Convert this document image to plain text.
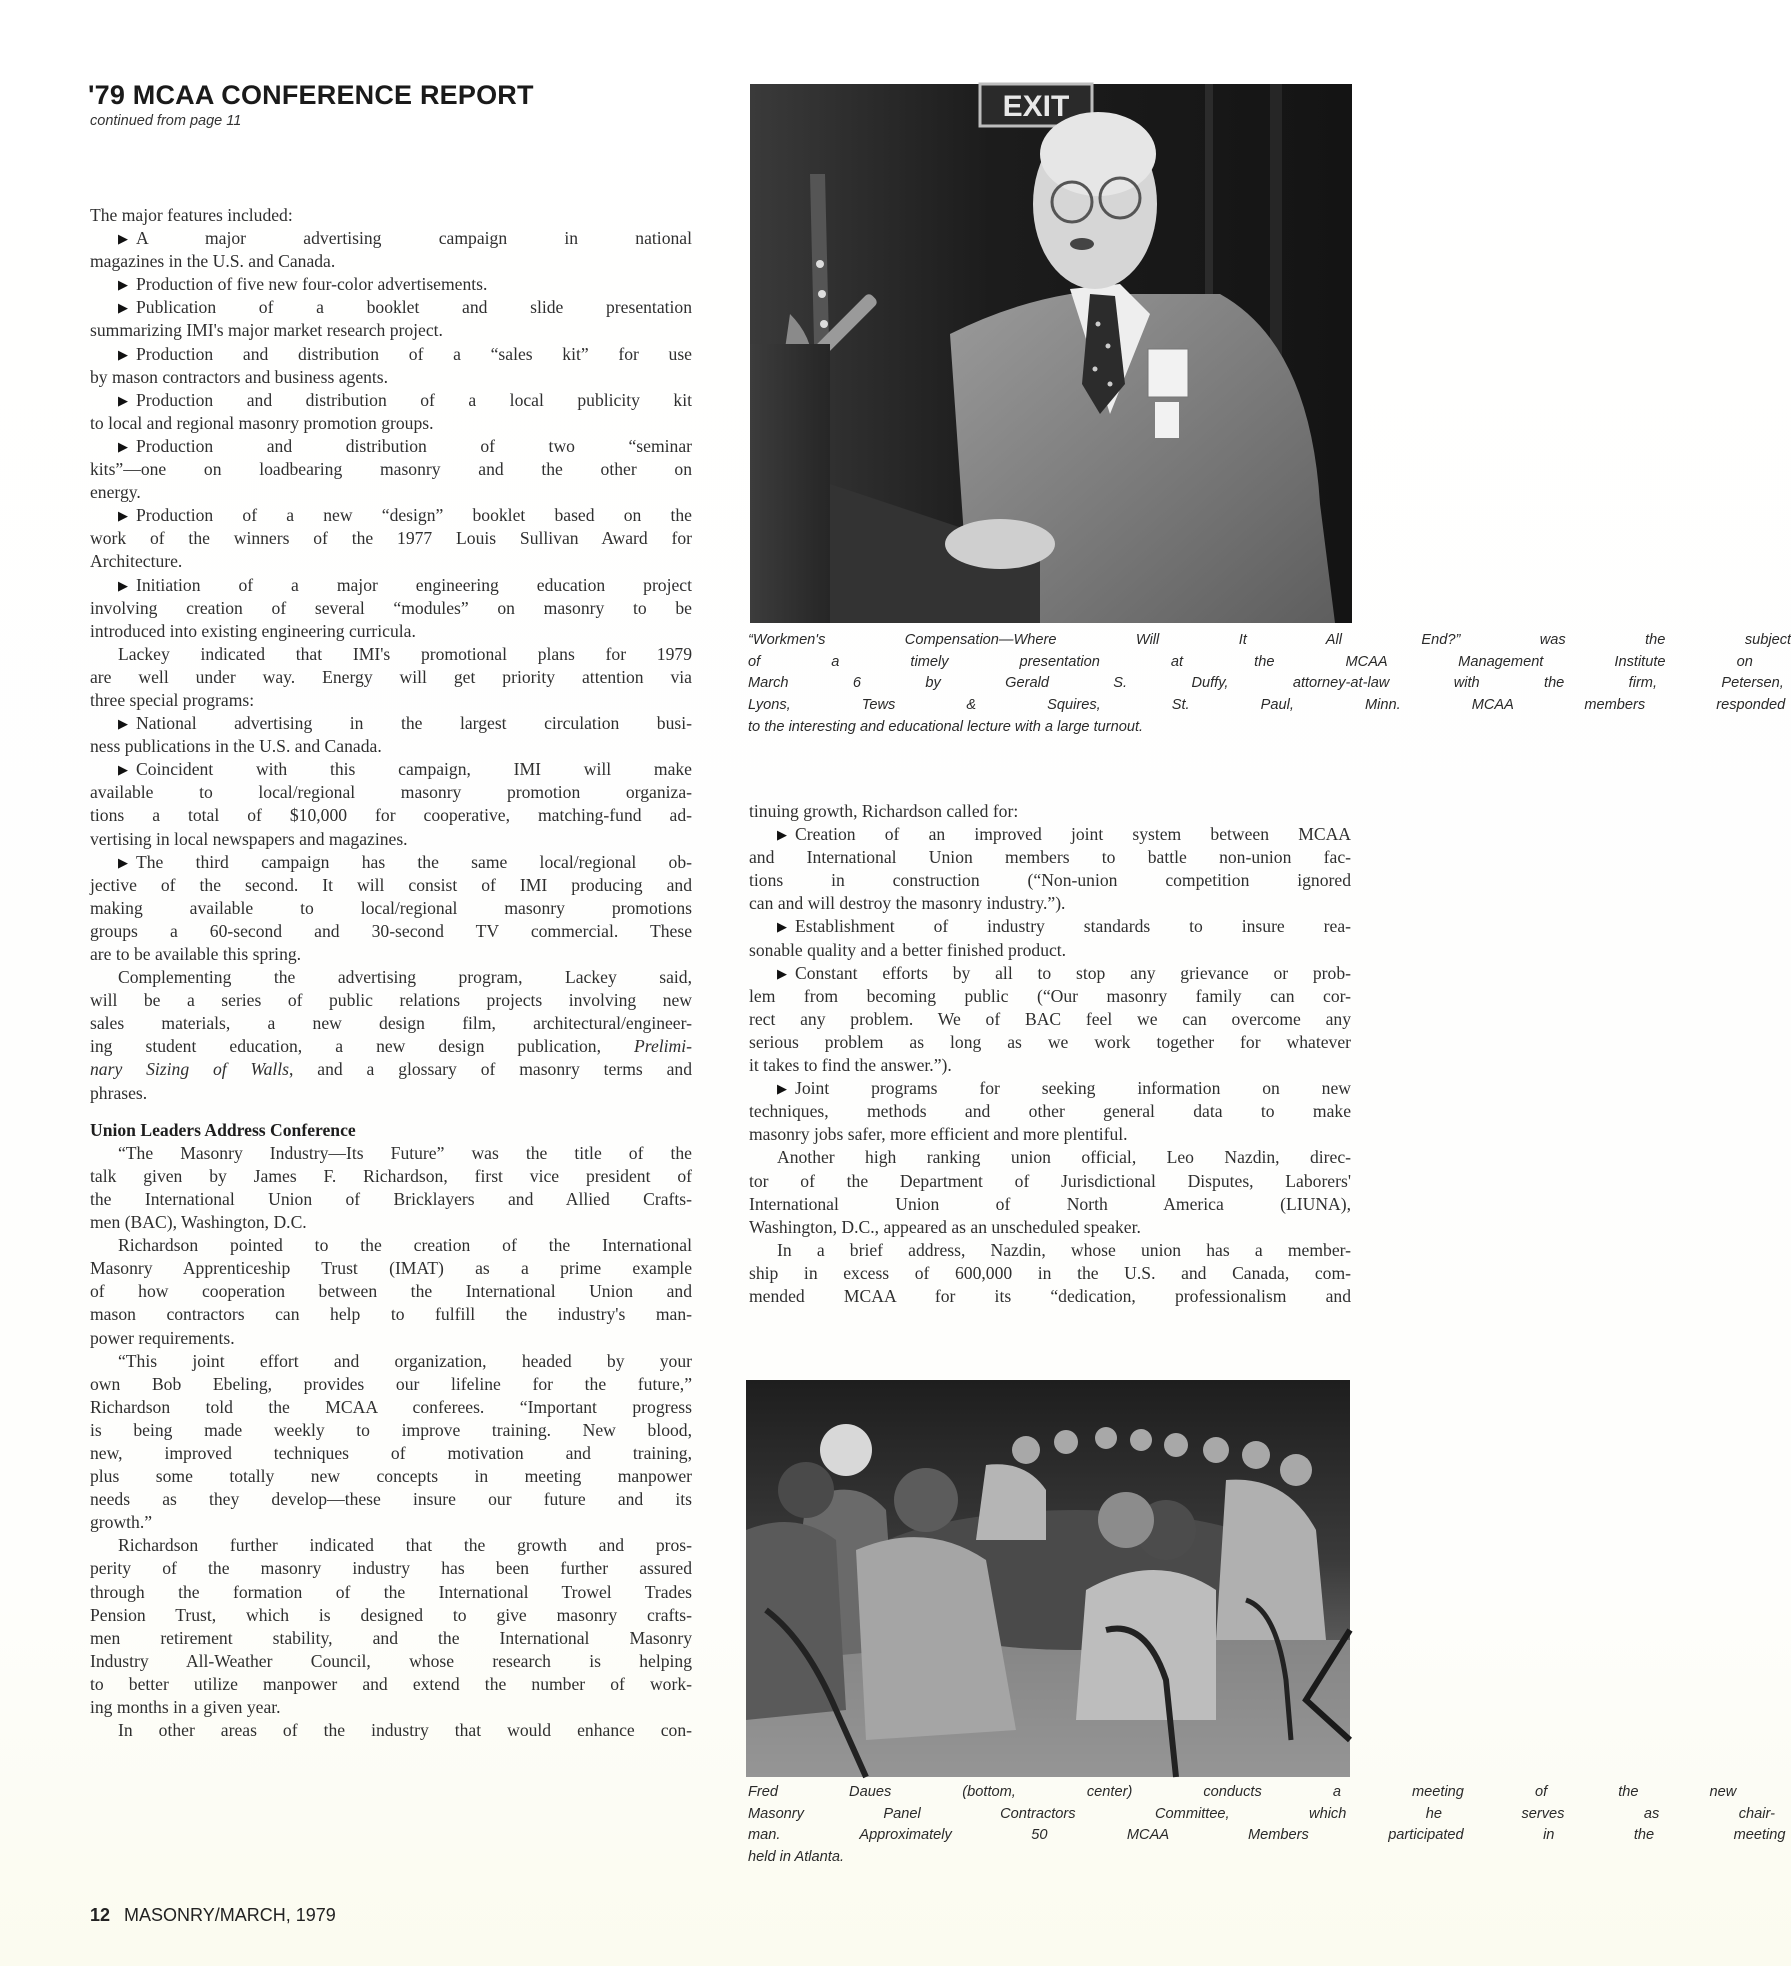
'79 MCAA CONFERENCE REPORT
continued from page 11
The major features included:
▶ A major advertising campaign in national
magazines in the U.S. and Canada.
▶ Production of five new four-color advertisements.
▶ Publication of a booklet and slide presentation
summarizing IMI's major market research project.
▶ Production and distribution of a “sales kit” for use
by mason contractors and business agents.
▶ Production and distribution of a local publicity kit
to local and regional masonry promotion groups.
▶ Production and distribution of two “seminar
kits”—one on loadbearing masonry and the other on
energy.
▶ Production of a new “design” booklet based on the
work of the winners of the 1977 Louis Sullivan Award for
Architecture.
▶ Initiation of a major engineering education project
involving creation of several “modules” on masonry to be
introduced into existing engineering curricula.
Lackey indicated that IMI's promotional plans for 1979
are well under way. Energy will get priority attention via
three special programs:
▶ National advertising in the largest circulation busi-
ness publications in the U.S. and Canada.
▶ Coincident with this campaign, IMI will make
available to local/regional masonry promotion organiza-
tions a total of $10,000 for cooperative, matching-fund ad-
vertising in local newspapers and magazines.
▶ The third campaign has the same local/regional ob-
jective of the second. It will consist of IMI producing and
making available to local/regional masonry promotions
groups a 60-second and 30-second TV commercial. These
are to be available this spring.
Complementing the advertising program, Lackey said,
will be a series of public relations projects involving new
sales materials, a new design film, architectural/engineer-
ing student education, a new design publication, Prelimi-
nary Sizing of Walls, and a glossary of masonry terms and
phrases.
Union Leaders Address Conference
“The Masonry Industry—Its Future” was the title of the
talk given by James F. Richardson, first vice president of
the International Union of Bricklayers and Allied Crafts-
men (BAC), Washington, D.C.
Richardson pointed to the creation of the International
Masonry Apprenticeship Trust (IMAT) as a prime example
of how cooperation between the International Union and
mason contractors can help to fulfill the industry's man-
power requirements.
“This joint effort and organization, headed by your
own Bob Ebeling, provides our lifeline for the future,”
Richardson told the MCAA conferees. “Important progress
is being made weekly to improve training. New blood,
new, improved techniques of motivation and training,
plus some totally new concepts in meeting manpower
needs as they develop—these insure our future and its
growth.”
Richardson further indicated that the growth and pros-
perity of the masonry industry has been further assured
through the formation of the International Trowel Trades
Pension Trust, which is designed to give masonry crafts-
men retirement stability, and the International Masonry
Industry All-Weather Council, whose research is helping
to better utilize manpower and extend the number of work-
ing months in a given year.
In other areas of the industry that would enhance con-
EXIT
“Workmen's Compensation—Where Will It All End?” was the subject
of a timely presentation at the MCAA Management Institute on
March 6 by Gerald S. Duffy, attorney-at-law with the firm, Petersen,
Lyons, Tews & Squires, St. Paul, Minn. MCAA members responded
to the interesting and educational lecture with a large turnout.
tinuing growth, Richardson called for:
▶ Creation of an improved joint system between MCAA
and International Union members to battle non-union fac-
tions in construction (“Non-union competition ignored
can and will destroy the masonry industry.”).
▶ Establishment of industry standards to insure rea-
sonable quality and a better finished product.
▶ Constant efforts by all to stop any grievance or prob-
lem from becoming public (“Our masonry family can cor-
rect any problem. We of BAC feel we can overcome any
serious problem as long as we work together for whatever
it takes to find the answer.”).
▶ Joint programs for seeking information on new
techniques, methods and other general data to make
masonry jobs safer, more efficient and more plentiful.
Another high ranking union official, Leo Nazdin, direc-
tor of the Department of Jurisdictional Disputes, Laborers'
International Union of North America (LIUNA),
Washington, D.C., appeared as an unscheduled speaker.
In a brief address, Nazdin, whose union has a member-
ship in excess of 600,000 in the U.S. and Canada, com-
mended MCAA for its “dedication, professionalism and
Fred Daues (bottom, center) conducts a meeting of the new
Masonry Panel Contractors Committee, which he serves as chair-
man. Approximately 50 MCAA Members participated in the meeting
held in Atlanta.
12 MASONRY/MARCH, 1979
